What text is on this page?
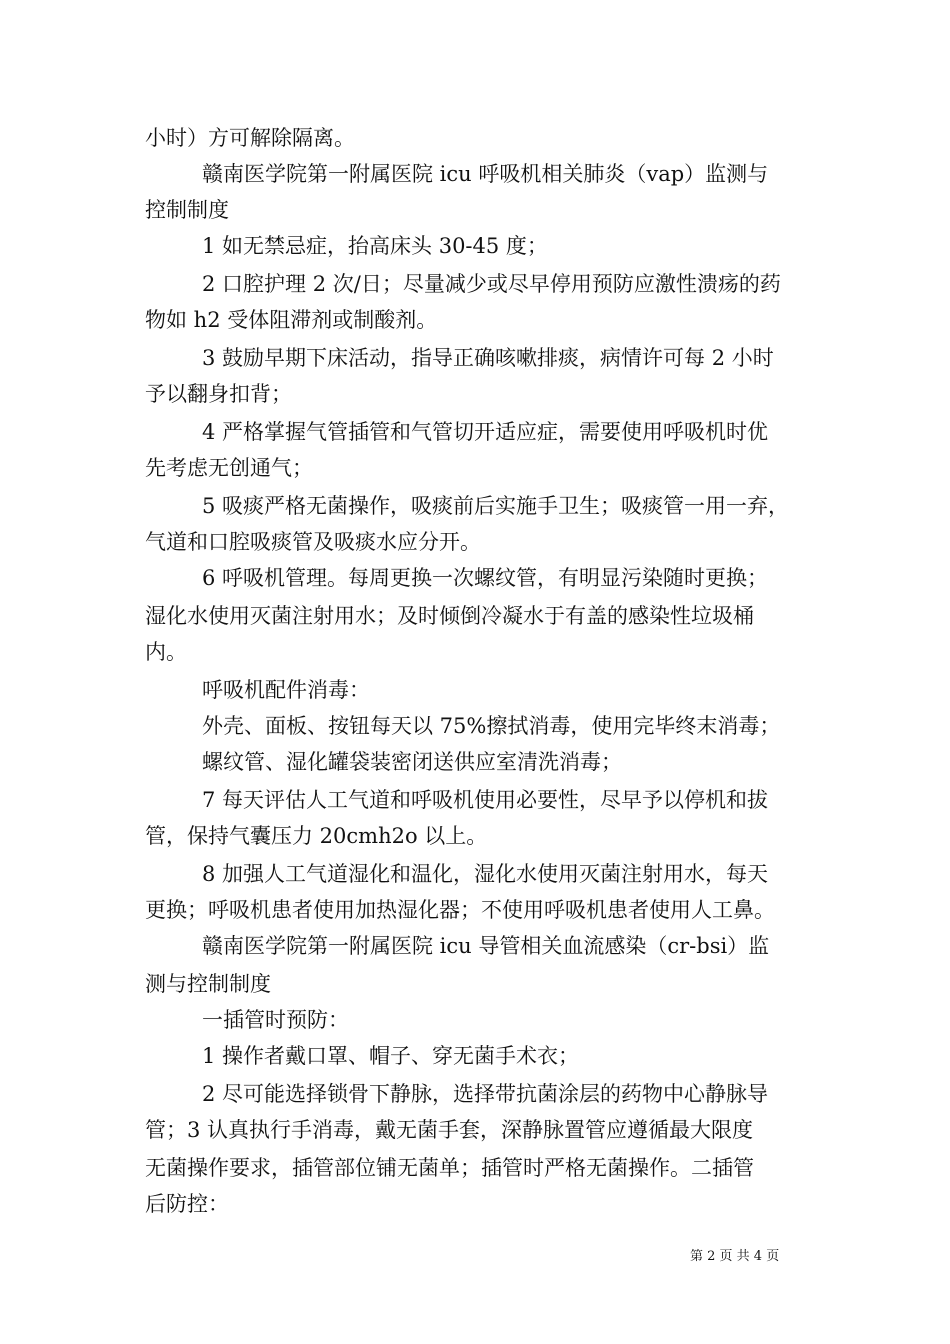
小时）方可解除隔离。
赣南医学院第一附属医院 icu 呼吸机相关肺炎（vap）监测与
控制制度
1 如无禁忌症，抬高床头 30-45 度；
2 口腔护理 2 次/日；尽量减少或尽早停用预防应激性溃疡的药
物如 h2 受体阻滞剂或制酸剂。
3 鼓励早期下床活动，指导正确咳嗽排痰，病情许可每 2 小时
予以翻身扣背；
4 严格掌握气管插管和气管切开适应症，需要使用呼吸机时优
先考虑无创通气；
5 吸痰严格无菌操作，吸痰前后实施手卫生；吸痰管一用一弃，
气道和口腔吸痰管及吸痰水应分开。
6 呼吸机管理。每周更换一次螺纹管，有明显污染随时更换；
湿化水使用灭菌注射用水；及时倾倒冷凝水于有盖的感染性垃圾桶
内。
呼吸机配件消毒：
外壳、面板、按钮每天以 75%擦拭消毒，使用完毕终末消毒；
螺纹管、湿化罐袋装密闭送供应室清洗消毒；
7 每天评估人工气道和呼吸机使用必要性，尽早予以停机和拔
管，保持气囊压力 20cmh2o 以上。
8 加强人工气道湿化和温化，湿化水使用灭菌注射用水，每天
更换；呼吸机患者使用加热湿化器；不使用呼吸机患者使用人工鼻。
赣南医学院第一附属医院 icu 导管相关血流感染（cr-bsi）监
测与控制制度
一插管时预防：
1 操作者戴口罩、帽子、穿无菌手术衣；
2 尽可能选择锁骨下静脉，选择带抗菌涂层的药物中心静脉导
管；3 认真执行手消毒，戴无菌手套，深静脉置管应遵循最大限度
无菌操作要求，插管部位铺无菌单；插管时严格无菌操作。二插管
后防控：
第 2 页 共 4 页
